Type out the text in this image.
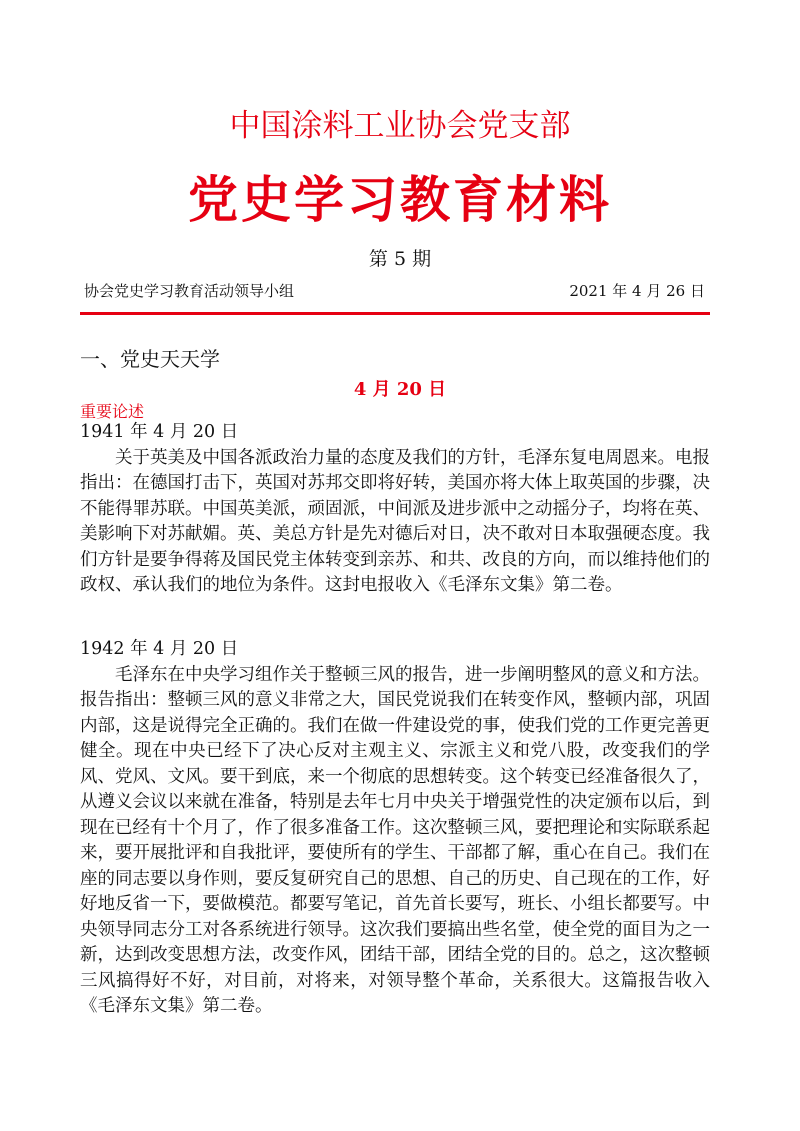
中国涂料工业协会党支部
党史学习教育材料
第 5 期
协会党史学习教育活动领导小组	2021 年 4 月 26 日
一、党史天天学
4 月 20 日
重要论述
1941 年 4 月 20 日

关于英美及中国各派政治力量的态度及我们的方针，毛泽东复电周恩来。电报指出：在德国打击下，英国对苏邦交即将好转，美国亦将大体上取英国的步骤，决不能得罪苏联。中国英美派，顽固派，中间派及进步派中之动摇分子，均将在英、美影响下对苏献媚。英、美总方针是先对德后对日，决不敢对日本取强硬态度。我们方针是要争得蒋及国民党主体转变到亲苏、和共、改良的方向，而以维持他们的政权、承认我们的地位为条件。这封电报收入《毛泽东文集》第二卷。

1942 年 4 月 20 日

毛泽东在中央学习组作关于整顿三风的报告，进一步阐明整风的意义和方法。报告指出：整顿三风的意义非常之大，国民党说我们在转变作风，整顿内部，巩固内部，这是说得完全正确的。我们在做一件建设党的事，使我们党的工作更完善更健全。现在中央已经下了决心反对主观主义、宗派主义和党八股，改变我们的学风、党风、文风。要干到底，来一个彻底的思想转变。这个转变已经准备很久了，从遵义会议以来就在准备，特别是去年七月中央关于增强党性的决定颁布以后，到现在已经有十个月了，作了很多准备工作。这次整顿三风，要把理论和实际联系起来，要开展批评和自我批评，要使所有的学生、干部都了解，重心在自己。我们在座的同志要以身作则，要反复研究自己的思想、自己的历史、自己现在的工作，好好地反省一下，要做模范。都要写笔记，首先首长要写，班长、小组长都要写。中央领导同志分工对各系统进行领导。这次我们要搞出些名堂，使全党的面目为之一新，达到改变思想方法，改变作风，团结干部，团结全党的目的。总之，这次整顿三风搞得好不好，对目前，对将来，对领导整个革命，关系很大。这篇报告收入《毛泽东文集》第二卷。
